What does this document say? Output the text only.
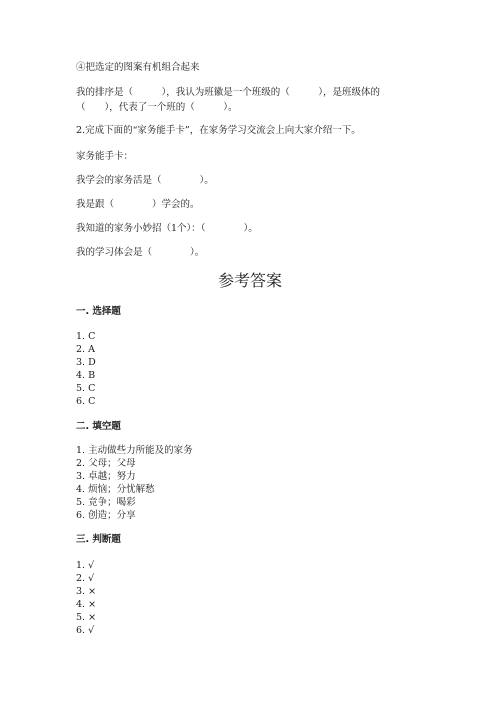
④把选定的图案有机组合起来
我的排序是（　　　），我认为班徽是一个班级的（　　　），是班级体的
（　　），代表了一个班的（　　　）。
2.完成下面的“家务能手卡”，在家务学习交流会上向大家介绍一下。
家务能手卡：
我学会的家务活是（　　　　）。
我是跟（　　　　）学会的。
我知道的家务小妙招（1个）：（　　　　）。
我的学习体会是（　　　　）。
参考答案
一. 选择题
1. C
2. A
3. D
4. B
5. C
6. C
二. 填空题
1. 主动做些力所能及的家务
2. 父母；父母
3. 卓越；努力
4. 烦恼；分忧解愁
5. 竞争；喝彩
6. 创造；分享
三. 判断题
1. √
2. √
3. ×
4. ×
5. ×
6. √
